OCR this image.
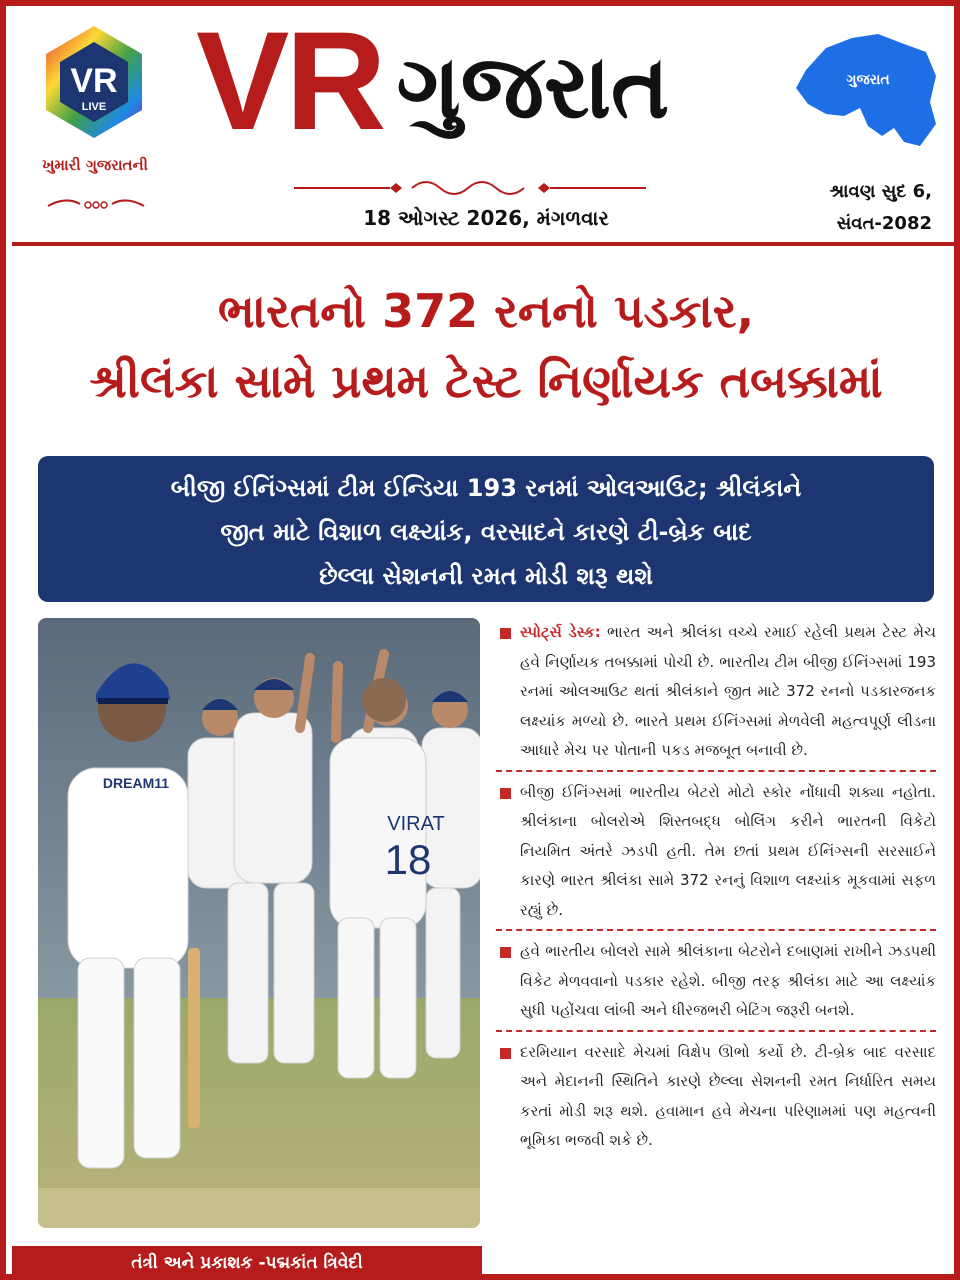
VR
LIVE
ખુમારી ગુજરાતની
VR ગુજરાત	ગુજરાત
18 ઓગસ્ટ 2026, મંગળવાર
શ્રાવણ સુદ 6,
સંવત-2082
ભારતનો 372 રનનો પડકાર,
શ્રીલંકા સામે પ્રથમ ટેસ્ટ નિર્ણાયક તબક્કામાં
બીજી ઈનિંગ્સમાં ટીમ ઈન્ડિયા 193 રનમાં ઓલઆઉટ; શ્રીલંકાને
જીત માટે વિશાળ લક્ષ્યાંક, વરસાદને કારણે ટી-બ્રેક બાદ
છેલ્લા સેશનની રમત મોડી શરૂ થશે
VIRAT
18
DREAM11
સ્પોર્ટ્સ ડેસ્ક: ભારત અને શ્રીલંકા વચ્ચે રમાઈ રહેલી પ્રથમ ટેસ્ટ મેચ હવે નિર્ણાયક તબક્કામાં પોચી છે. ભારતીય ટીમ બીજી ઈનિંગ્સમાં 193 રનમાં ઓલઆઉટ થતાં શ્રીલંકાને જીત માટે 372 રનનો પડકારજનક લક્ષ્યાંક મળ્યો છે. ભારતે પ્રથમ ઈનિંગ્સમાં મેળવેલી મહત્વપૂર્ણ લીડના આધારે મેચ પર પોતાની પકડ મજબૂત બનાવી છે.
બીજી ઈનિંગ્સમાં ભારતીય બેટરો મોટો સ્કોર નોંધાવી શક્યા નહોતા. શ્રીલંકાના બોલરોએ શિસ્તબદ્ધ બોલિંગ કરીને ભારતની વિકેટો નિયમિત અંતરે ઝડપી હતી. તેમ છતાં પ્રથમ ઈનિંગ્સની સરસાઈને કારણે ભારત શ્રીલંકા સામે 372 રનનું વિશાળ લક્ષ્યાંક મૂકવામાં સફળ રહ્યું છે.
હવે ભારતીય બોલરો સામે શ્રીલંકાના બેટરોને દબાણમાં રાખીને ઝડપથી વિકેટ મેળવવાનો પડકાર રહેશે. બીજી તરફ શ્રીલંકા માટે આ લક્ષ્યાંક સુધી પહોંચવા લાંબી અને ધીરજભરી બેટિંગ જરૂરી બનશે.
દરમિયાન વરસાદે મેચમાં વિક્ષેપ ઊભો કર્યો છે. ટી-બ્રેક બાદ વરસાદ અને મેદાનની સ્થિતિને કારણે છેલ્લા સેશનની રમત નિર્ધારિત સમય કરતાં મોડી શરૂ થશે. હવામાન હવે મેચના પરિણામમાં પણ મહત્વની ભૂમિકા ભજવી શકે છે.
તંત્રી અને પ્રકાશક -પદ્મકાંત ત્રિવેદી
